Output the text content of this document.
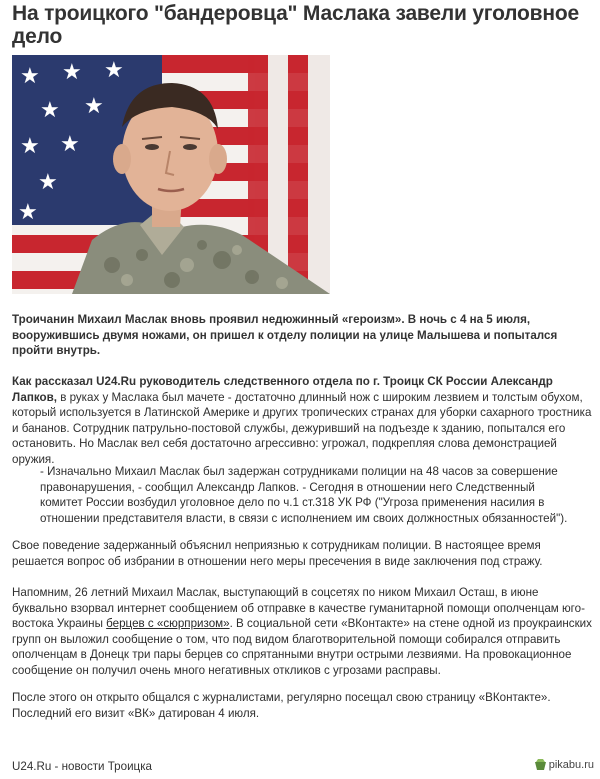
На троицкого "бандеровца" Маслака завели уголовное дело
★ ★ ★
★ ★
★ ★
★
★

Троичанин Михаил Маслак вновь проявил недюжинный «героизм». В ночь с 4 на 5 июля, вооружившись двумя ножами, он пришел к отделу полиции на улице Малышева и попытался пройти внутрь.

Как рассказал U24.Ru руководитель следственного отдела по г. Троицк СК России Александр Лапков, в руках у Маслака был мачете - достаточно длинный нож с широким лезвием и толстым обухом, который используется в Латинской Америке и других тропических странах для уборки сахарного тростника и бананов. Сотрудник патрульно-постовой службы, дежуривший на подъезде к зданию, попытался его остановить. Но Маслак вел себя достаточно агрессивно: угрожал, подкрепляя слова демонстрацией оружия.

- Изначально Михаил Маслак был задержан сотрудниками полиции на 48 часов за совершение правонарушения, - сообщил Александр Лапков. - Сегодня в отношении него Следственный комитет России возбудил уголовное дело по ч.1 ст.318 УК РФ ("Угроза применения насилия в отношении представителя власти, в связи с исполнением им своих должностных обязанностей").

Свое поведение задержанный объяснил неприязнью к сотрудникам полиции. В настоящее время решается вопрос об избрании в отношении него меры пресечения в виде заключения под стражу.

Напомним, 26 летний Михаил Маслак, выступающий в соцсетях по ником Михаил Осташ, в июне буквально взорвал интернет сообщением об отправке в качестве гуманитарной помощи ополченцам юго-востока Украины берцев с «сюрпризом». В социальной сети «ВКонтакте» на стене одной из проукраинских групп он выложил сообщение о том, что под видом благотворительной помощи собирался отправить ополченцам в Донецк три пары берцев со спрятанными внутри острыми лезвиями. На провокационное сообщение он получил очень много негативных откликов с угрозами расправы.

После этого он открыто общался с журналистами, регулярно посещал свою страницу «ВКонтакте». Последний его визит «ВК» датирован 4 июля.

U24.Ru - новости Троицка	pikabu.ru
